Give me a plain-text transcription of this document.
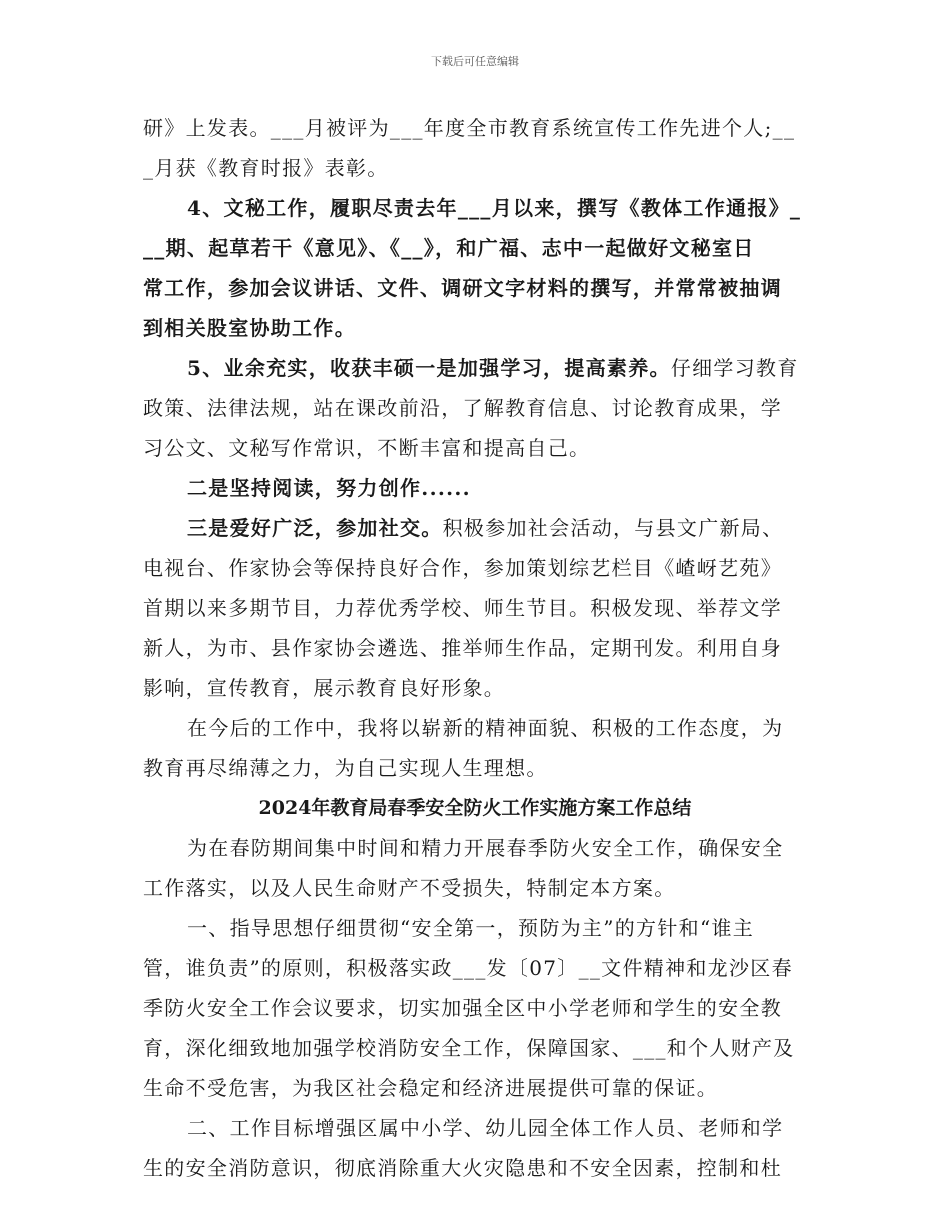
下载后可任意编辑
研》上发表。___月被评为___年度全市教育系统宣传工作先进个人;__
_月获《教育时报》表彰。
4、文秘工作，履职尽责去年___月以来，撰写《教体工作通报》_
__期、起草若干《意见》、《__》，和广福、志中一起做好文秘室日
常工作，参加会议讲话、文件、调研文字材料的撰写，并常常被抽调
到相关股室协助工作。
5、业余充实，收获丰硕一是加强学习，提高素养。仔细学习教育
政策、法律法规，站在课改前沿，了解教育信息、讨论教育成果，学
习公文、文秘写作常识，不断丰富和提高自己。
二是坚持阅读，努力创作......
三是爱好广泛，参加社交。积极参加社会活动，与县文广新局、
电视台、作家协会等保持良好合作，参加策划综艺栏目《嵖岈艺苑》
首期以来多期节目，力荐优秀学校、师生节目。积极发现、举荐文学
新人，为市、县作家协会遴选、推举师生作品，定期刊发。利用自身
影响，宣传教育，展示教育良好形象。
在今后的工作中，我将以崭新的精神面貌、积极的工作态度，为
教育再尽绵薄之力，为自己实现人生理想。
2024年教育局春季安全防火工作实施方案工作总结
为在春防期间集中时间和精力开展春季防火安全工作，确保安全
工作落实，以及人民生命财产不受损失，特制定本方案。
一、指导思想仔细贯彻“安全第一，预防为主”的方针和“谁主
管，谁负责”的原则，积极落实政___发〔07〕__文件精神和龙沙区春
季防火安全工作会议要求，切实加强全区中小学老师和学生的安全教
育，深化细致地加强学校消防安全工作，保障国家、___和个人财产及
生命不受危害，为我区社会稳定和经济进展提供可靠的保证。
二、工作目标增强区属中小学、幼儿园全体工作人员、老师和学
生的安全消防意识，彻底消除重大火灾隐患和不安全因素，控制和杜
